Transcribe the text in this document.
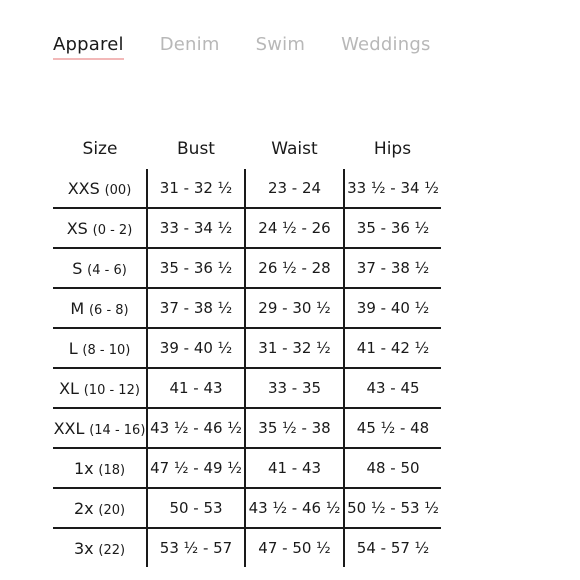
Apparel Denim Swim Weddings
Size	Bust	Waist	Hips
XXS (00)	31 - 32 ½	23 - 24	33 ½ - 34 ½
XS (0 - 2)	33 - 34 ½	24 ½ - 26	35 - 36 ½
S (4 - 6)	35 - 36 ½	26 ½ - 28	37 - 38 ½
M (6 - 8)	37 - 38 ½	29 - 30 ½	39 - 40 ½
L (8 - 10)	39 - 40 ½	31 - 32 ½	41 - 42 ½
XL (10 - 12)	41 - 43	33 - 35	43 - 45
XXL (14 - 16)	43 ½ - 46 ½	35 ½ - 38	45 ½ - 48
1x (18)	47 ½ - 49 ½	41 - 43	48 - 50
2x (20)	50 - 53	43 ½ - 46 ½	50 ½ - 53 ½
3x (22)	53 ½ - 57	47 - 50 ½	54 - 57 ½
